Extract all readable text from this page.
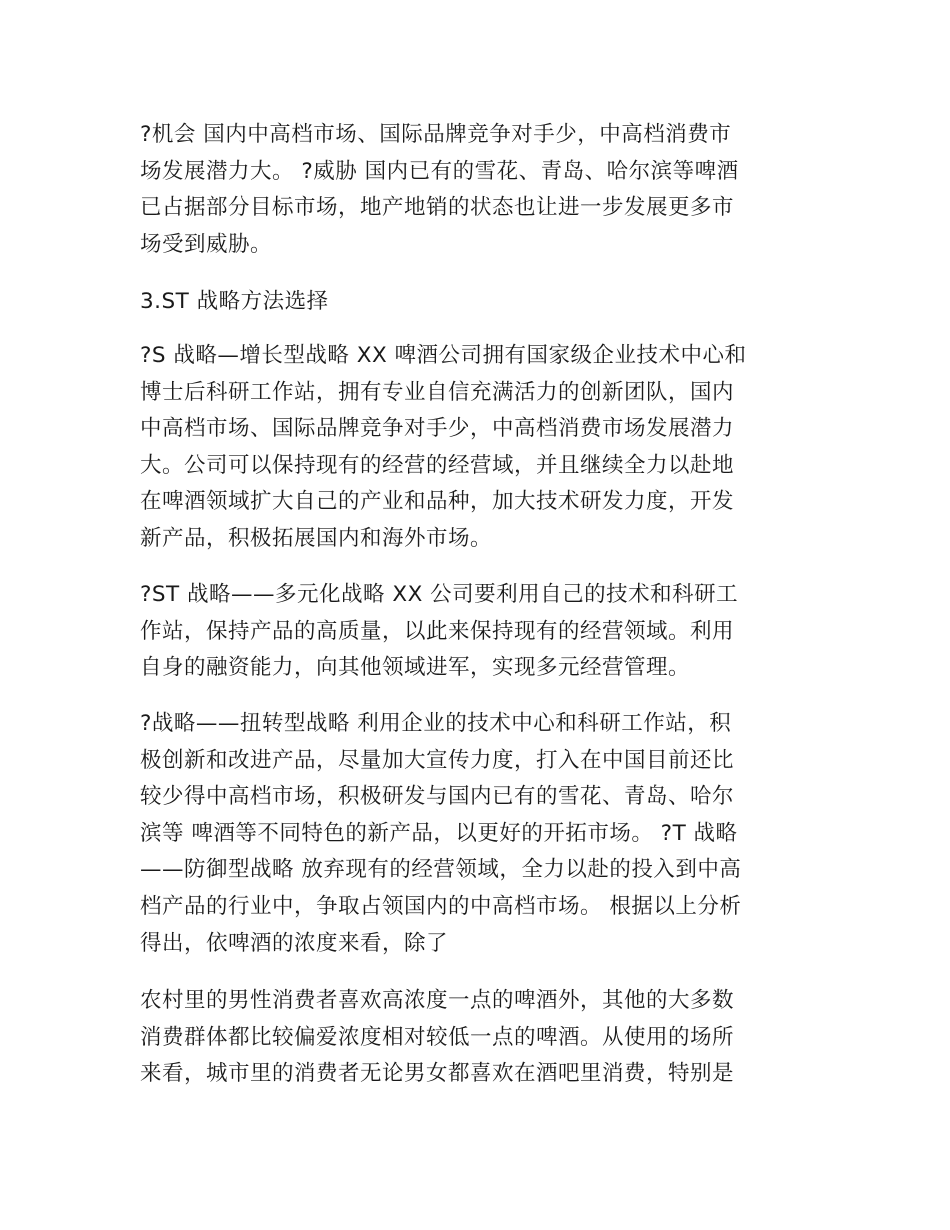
?机会 国内中高档市场、国际品牌竞争对手少，中高档消费市
场发展潜力大。 ?威胁 国内已有的雪花、青岛、哈尔滨等啤酒
已占据部分目标市场，地产地销的状态也让进一步发展更多市
场受到威胁。
3.ST 战略方法选择
?S 战略—增长型战略 XX 啤酒公司拥有国家级企业技术中心和
博士后科研工作站，拥有专业自信充满活力的创新团队，国内
中高档市场、国际品牌竞争对手少，中高档消费市场发展潜力
大。公司可以保持现有的经营的经营域，并且继续全力以赴地
在啤酒领域扩大自己的产业和品种，加大技术研发力度，开发
新产品，积极拓展国内和海外市场。
?ST 战略——多元化战略 XX 公司要利用自己的技术和科研工
作站，保持产品的高质量，以此来保持现有的经营领域。利用
自身的融资能力，向其他领域进军，实现多元经营管理。
?战略——扭转型战略 利用企业的技术中心和科研工作站，积
极创新和改进产品，尽量加大宣传力度，打入在中国目前还比
较少得中高档市场，积极研发与国内已有的雪花、青岛、哈尔
滨等 啤酒等不同特色的新产品，以更好的开拓市场。 ?T 战略
——防御型战略 放弃现有的经营领域，全力以赴的投入到中高
档产品的行业中，争取占领国内的中高档市场。 根据以上分析
得出，依啤酒的浓度来看，除了
农村里的男性消费者喜欢高浓度一点的啤酒外，其他的大多数
消费群体都比较偏爱浓度相对较低一点的啤酒。从使用的场所
来看，城市里的消费者无论男女都喜欢在酒吧里消费，特别是
